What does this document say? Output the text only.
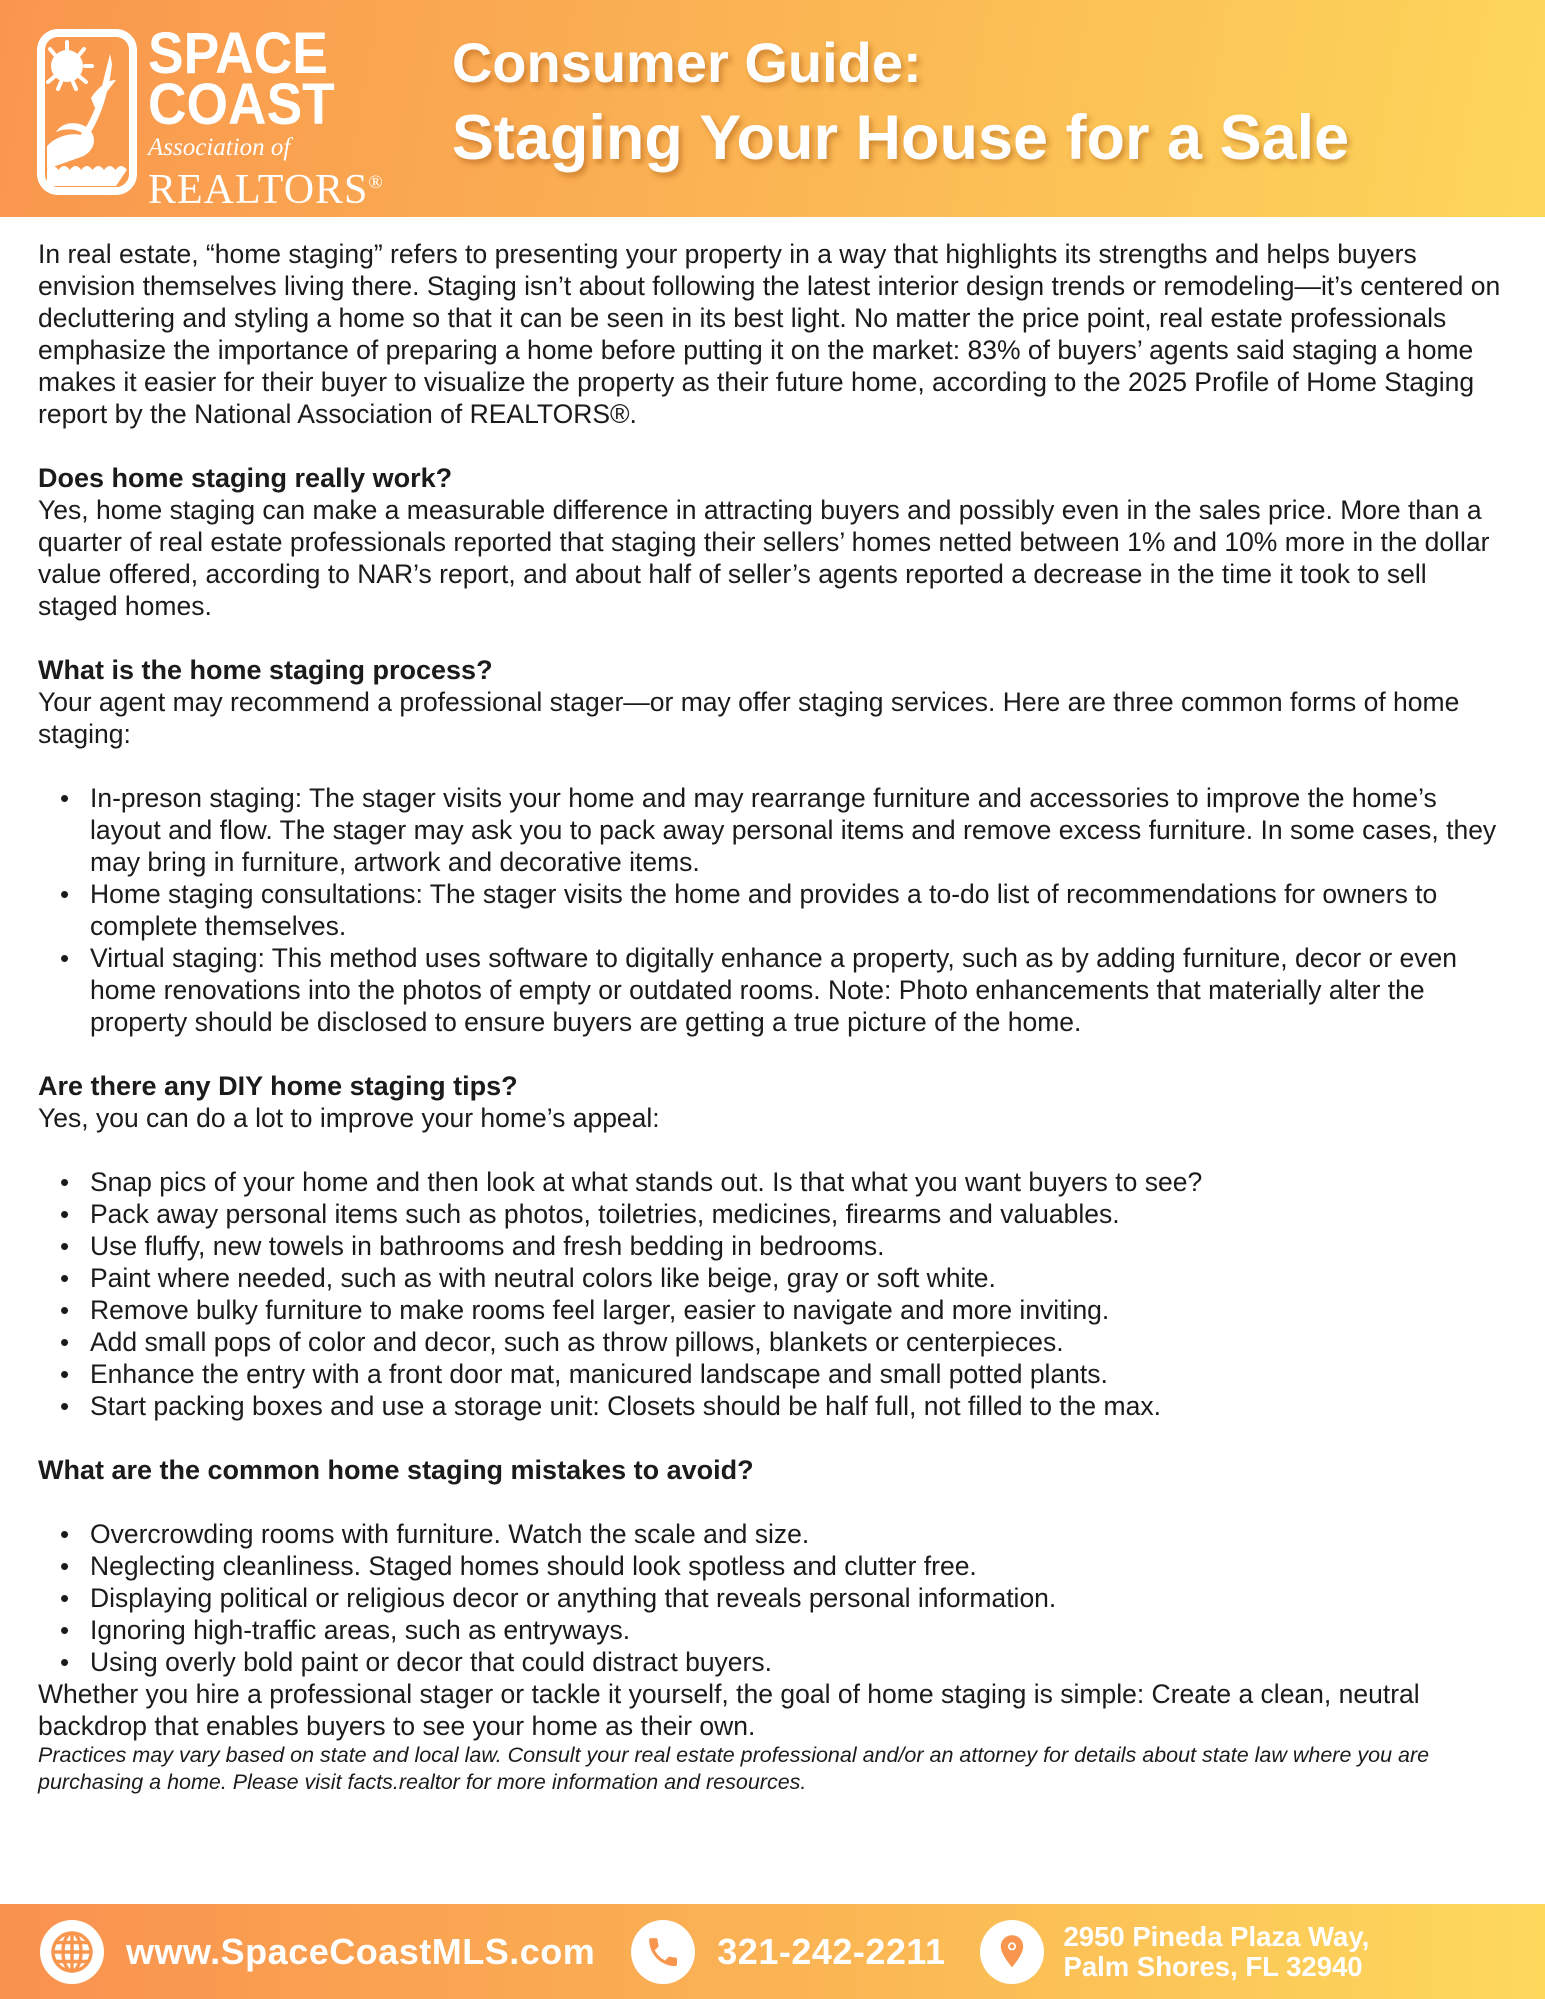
SPACE
COAST
Association of
REALTORS®
Consumer Guide:
Staging Your House for a Sale

In real estate, “home staging” refers to presenting your property in a way that highlights its strengths and helps buyers envision themselves living there. Staging isn’t about following the latest interior design trends or remodeling—it’s centered on decluttering and styling a home so that it can be seen in its best light. No matter the price point, real estate professionals emphasize the importance of preparing a home before putting it on the market: 83% of buyers’ agents said staging a home makes it easier for their buyer to visualize the property as their future home, according to the 2025 Profile of Home Staging report by the National Association of REALTORS®.

Does home staging really work?

Yes, home staging can make a measurable difference in attracting buyers and possibly even in the sales price. More than a quarter of real estate professionals reported that staging their sellers’ homes netted between 1% and 10% more in the dollar value offered, according to NAR’s report, and about half of seller’s agents reported a decrease in the time it took to sell staged homes.

What is the home staging process?

Your agent may recommend a professional stager—or may offer staging services. Here are three common forms of home staging:

• In-preson staging: The stager visits your home and may rearrange furniture and accessories to improve the home’s layout and flow. The stager may ask you to pack away personal items and remove excess furniture. In some cases, they may bring in furniture, artwork and decorative items.
• Home staging consultations: The stager visits the home and provides a to-do list of recommendations for owners to complete themselves.
• Virtual staging: This method uses software to digitally enhance a property, such as by adding furniture, decor or even home renovations into the photos of empty or outdated rooms. Note: Photo enhancements that materially alter the property should be disclosed to ensure buyers are getting a true picture of the home.
Are there any DIY home staging tips?

Yes, you can do a lot to improve your home’s appeal:

• Snap pics of your home and then look at what stands out. Is that what you want buyers to see?
• Pack away personal items such as photos, toiletries, medicines, firearms and valuables.
• Use fluffy, new towels in bathrooms and fresh bedding in bedrooms.
• Paint where needed, such as with neutral colors like beige, gray or soft white.
• Remove bulky furniture to make rooms feel larger, easier to navigate and more inviting.
• Add small pops of color and decor, such as throw pillows, blankets or centerpieces.
• Enhance the entry with a front door mat, manicured landscape and small potted plants.
• Start packing boxes and use a storage unit: Closets should be half full, not filled to the max.
What are the common home staging mistakes to avoid?
• Overcrowding rooms with furniture. Watch the scale and size.
• Neglecting cleanliness. Staged homes should look spotless and clutter free.
• Displaying political or religious decor or anything that reveals personal information.
• Ignoring high-traffic areas, such as entryways.
• Using overly bold paint or decor that could distract buyers.

Whether you hire a professional stager or tackle it yourself, the goal of home staging is simple: Create a clean, neutral backdrop that enables buyers to see your home as their own.

Practices may vary based on state and local law. Consult your real estate professional and/or an attorney for details about state law where you are purchasing a home. Please visit facts.realtor for more information and resources.

www.SpaceCoastMLS.com	321-242-2211	2950 Pineda Plaza Way,
Palm Shores, FL 32940
